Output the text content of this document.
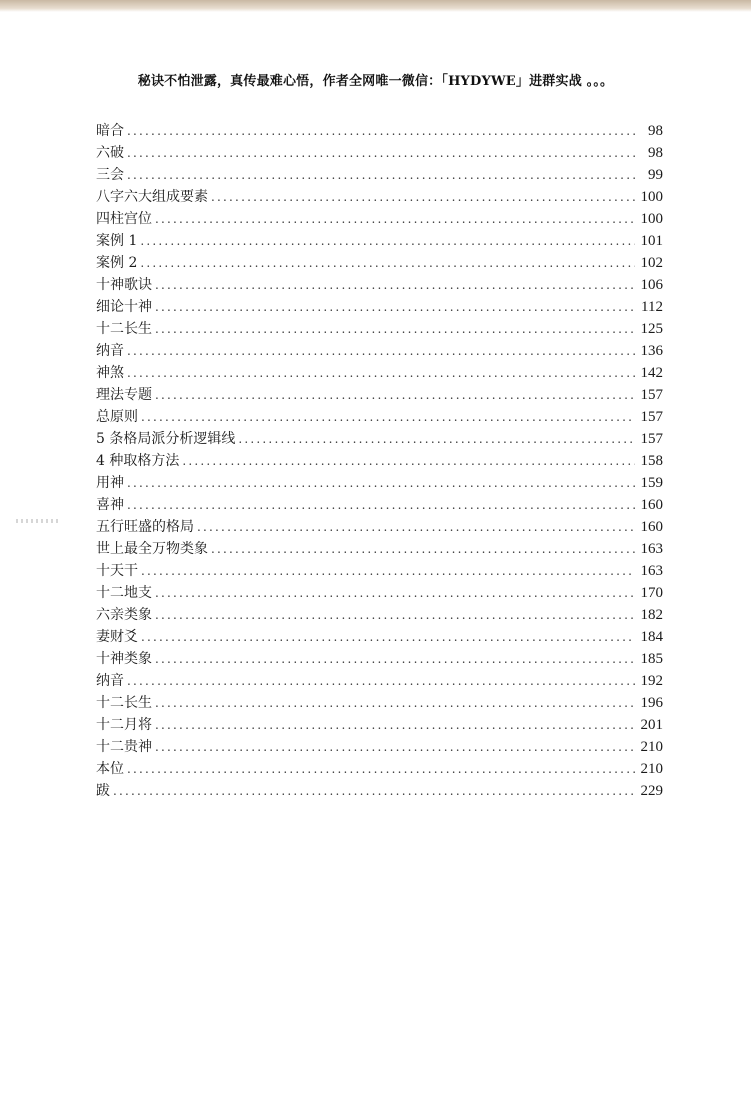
秘诀不怕泄露，真传最难心悟，作者全网唯一微信：「HYDYWE」进群实战 。。。
暗合 .....	98
六破 .....	98
三会 .....	99
八字六大组成要素 .....	100
四柱宫位 .....	100
案例 1 .....	101
案例 2 .....	102
十神歌诀 .....	106
细论十神 .....	112
十二长生 .....	125
纳音 .....	136
神煞 .....	142
理法专题 .....	157
总原则 .....	157
5 条格局派分析逻辑线 .....	157
4 种取格方法 .....	158
用神 .....	159
喜神 .....	160
五行旺盛的格局 .....	160
世上最全万物类象 .....	163
十天干 .....	163
十二地支 .....	170
六亲类象 .....	182
妻财爻 .....	184
十神类象 .....	185
纳音 .....	192
十二长生 .....	196
十二月将 .....	201
十二贵神 .....	210
本位 .....	210
跋 .....	229
